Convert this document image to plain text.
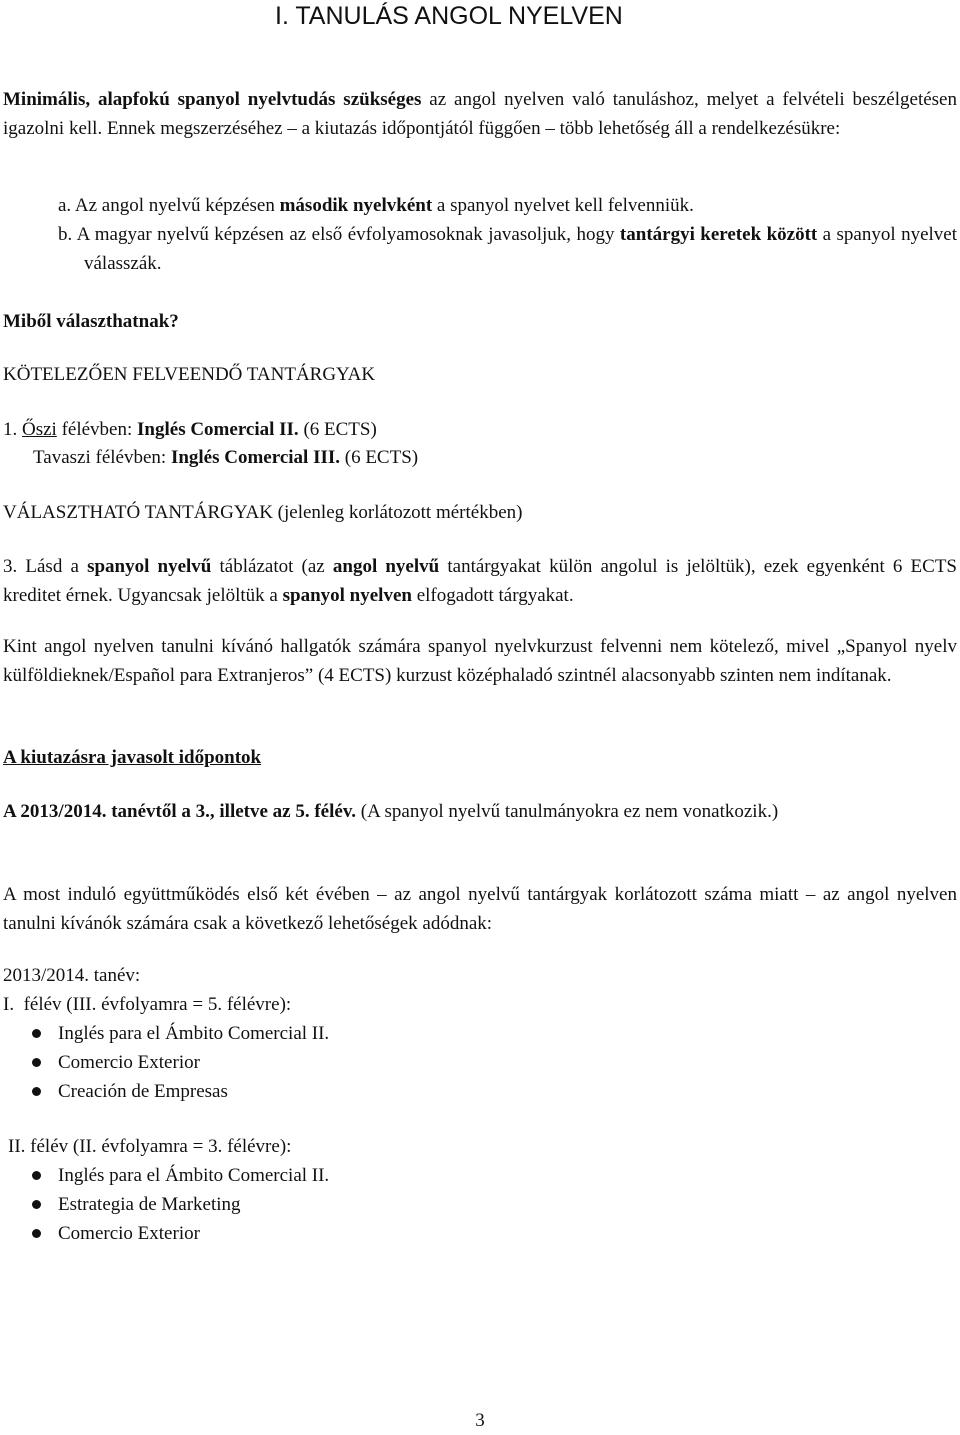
I. TANULÁS ANGOL NYELVEN

Minimális, alapfokú spanyol nyelvtudás szükséges az angol nyelven való tanuláshoz, melyet a felvételi beszélgetésen igazolni kell. Ennek megszerzéséhez – a kiutazás időpontjától függően – több lehetőség áll a rendelkezésükre:

a. Az angol nyelvű képzésen második nyelvként a spanyol nyelvet kell felvenniük.

b. A magyar nyelvű képzésen az első évfolyamosoknak javasoljuk, hogy tantárgyi keretek között a spanyol nyelvet válasszák.

Miből választhatnak?

KÖTELEZŐEN FELVEENDŐ TANTÁRGYAK

1. Őszi félévben: Inglés Comercial II. (6 ECTS)

Tavaszi félévben: Inglés Comercial III. (6 ECTS)

VÁLASZTHATÓ TANTÁRGYAK (jelenleg korlátozott mértékben)

3. Lásd a spanyol nyelvű táblázatot (az angol nyelvű tantárgyakat külön angolul is jelöltük), ezek egyenként 6 ECTS kreditet érnek. Ugyancsak jelöltük a spanyol nyelven elfogadott tárgyakat.

Kint angol nyelven tanulni kívánó hallgatók számára spanyol nyelvkurzust felvenni nem kötelező, mivel „Spanyol nyelv külföldieknek/Español para Extranjeros” (4 ECTS) kurzust középhaladó szintnél alacsonyabb szinten nem indítanak.

A kiutazásra javasolt időpontok

A 2013/2014. tanévtől a 3., illetve az 5. félév. (A spanyol nyelvű tanulmányokra ez nem vonatkozik.)

A most induló együttműködés első két évében – az angol nyelvű tantárgyak korlátozott száma miatt – az angol nyelven tanulni kívánók számára csak a következő lehetőségek adódnak:

2013/2014. tanév:

I.  félév (III. évfolyamra = 5. félévre):

Inglés para el Ámbito Comercial II.
Comercio Exterior
Creación de Empresas

II. félév (II. évfolyamra = 3. félévre):

Inglés para el Ámbito Comercial II.
Estrategia de Marketing
Comercio Exterior
3
